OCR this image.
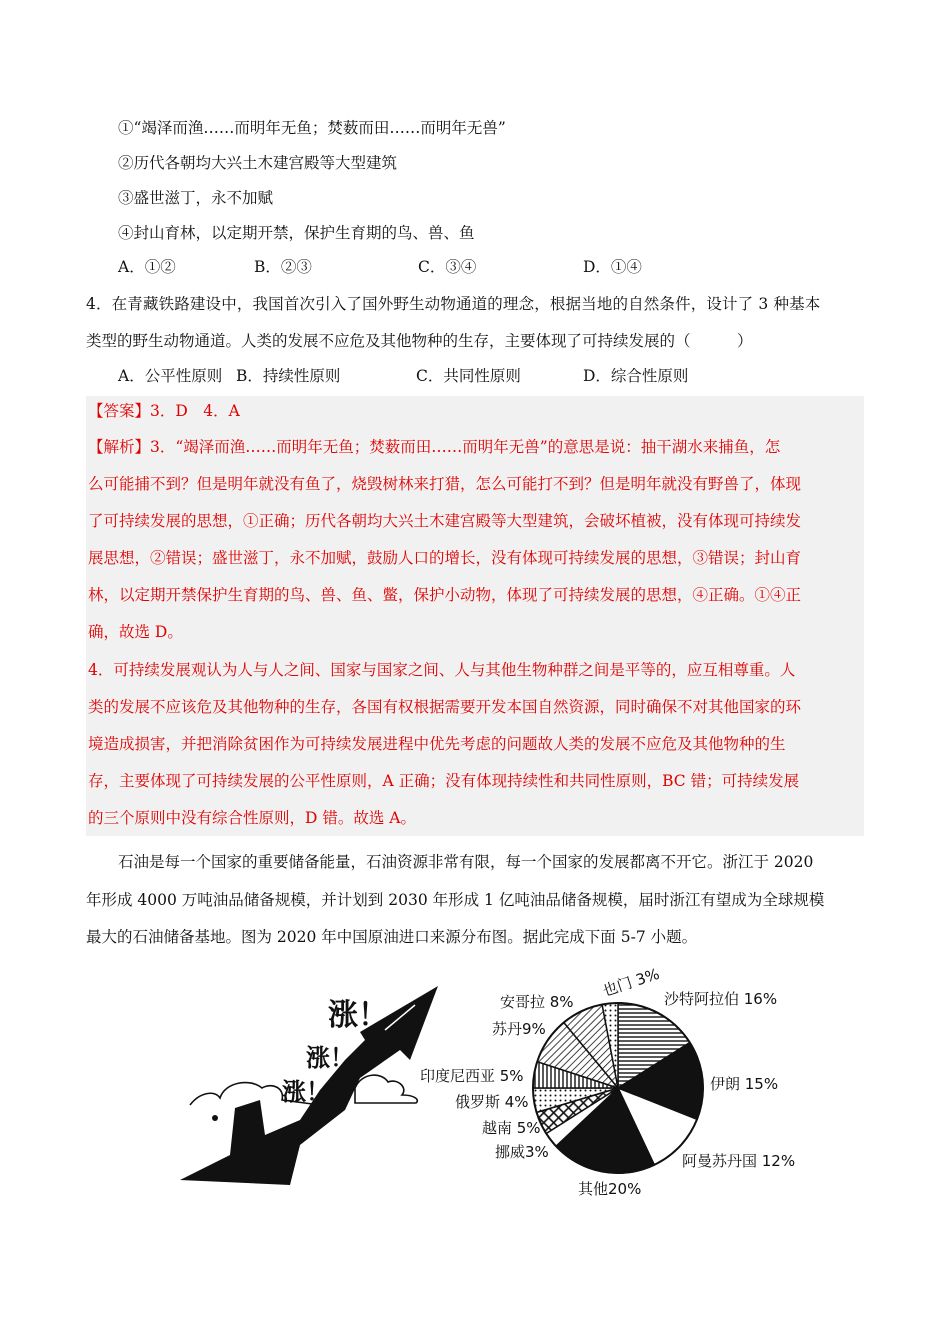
①“竭泽而渔……而明年无鱼；焚薮而田……而明年无兽”
②历代各朝均大兴土木建宫殿等大型建筑
③盛世滋丁，永不加赋
④封山育林，以定期开禁，保护生育期的鸟、兽、鱼
A．①②	B．②③	C．③④	D．①④
4．在青藏铁路建设中，我国首次引入了国外野生动物通道的理念，根据当地的自然条件，设计了 3 种基本
类型的野生动物通道。人类的发展不应危及其他物种的生存，主要体现了可持续发展的（　　　）
A．公平性原则 B．持续性原则	C．共同性原则	D．综合性原则
【答案】3．D　4．A
【解析】3．“竭泽而渔……而明年无鱼；焚薮而田……而明年无兽”的意思是说：抽干湖水来捕鱼，怎
么可能捕不到？但是明年就没有鱼了，烧毁树林来打猎，怎么可能打不到？但是明年就没有野兽了，体现
了可持续发展的思想，①正确；历代各朝均大兴土木建宫殿等大型建筑，会破坏植被，没有体现可持续发
展思想，②错误；盛世滋丁，永不加赋，鼓励人口的增长，没有体现可持续发展的思想，③错误；封山育
林，以定期开禁保护生育期的鸟、兽、鱼、鳖，保护小动物，体现了可持续发展的思想，④正确。①④正
确，故选 D。
4．可持续发展观认为人与人之间、国家与国家之间、人与其他生物种群之间是平等的，应互相尊重。人
类的发展不应该危及其他物种的生存，各国有权根据需要开发本国自然资源，同时确保不对其他国家的环
境造成损害，并把消除贫困作为可持续发展进程中优先考虑的问题故人类的发展不应危及其他物种的生
存，主要体现了可持续发展的公平性原则，A 正确；没有体现持续性和共同性原则，BC 错；可持续发展
的三个原则中没有综合性原则，D 错。故选 A。
石油是每一个国家的重要储备能量，石油资源非常有限，每一个国家的发展都离不开它。浙江于 2020
年形成 4000 万吨油品储备规模，并计划到 2030 年形成 1 亿吨油品储备规模，届时浙江有望成为全球规模
最大的石油储备基地。图为 2020 年中国原油进口来源分布图。据此完成下面 5-7 小题。
涨！
涨！
涨！
沙特阿拉伯 16%
伊朗 15%
阿曼苏丹国 12%
其他20%
挪威3%
越南 5%
俄罗斯 4%
印度尼西亚 5%
苏丹9%
安哥拉 8%
也门 3%
